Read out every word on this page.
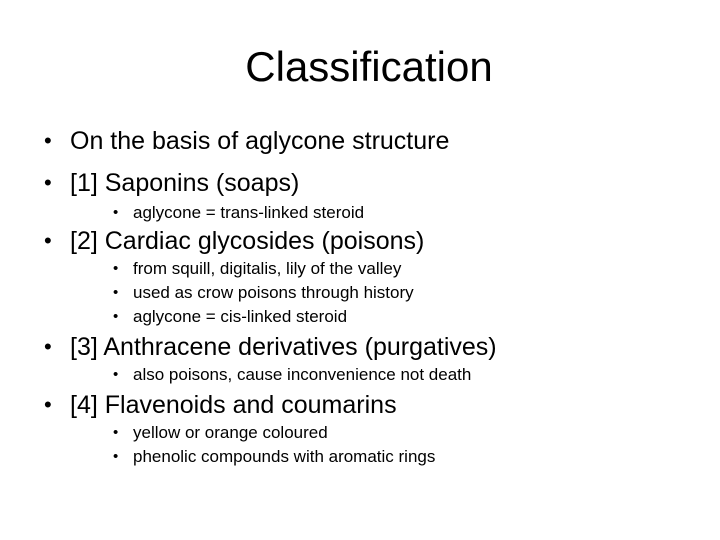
Classification
• On the basis of aglycone structure
• [1] Saponins (soaps)
• aglycone = trans-linked steroid
• [2] Cardiac glycosides (poisons)
• from squill, digitalis, lily of the valley
• used as crow poisons through history
• aglycone = cis-linked steroid
• [3] Anthracene derivatives (purgatives)
• also poisons, cause inconvenience not death
• [4] Flavenoids and coumarins
• yellow or orange coloured
• phenolic compounds with aromatic rings
